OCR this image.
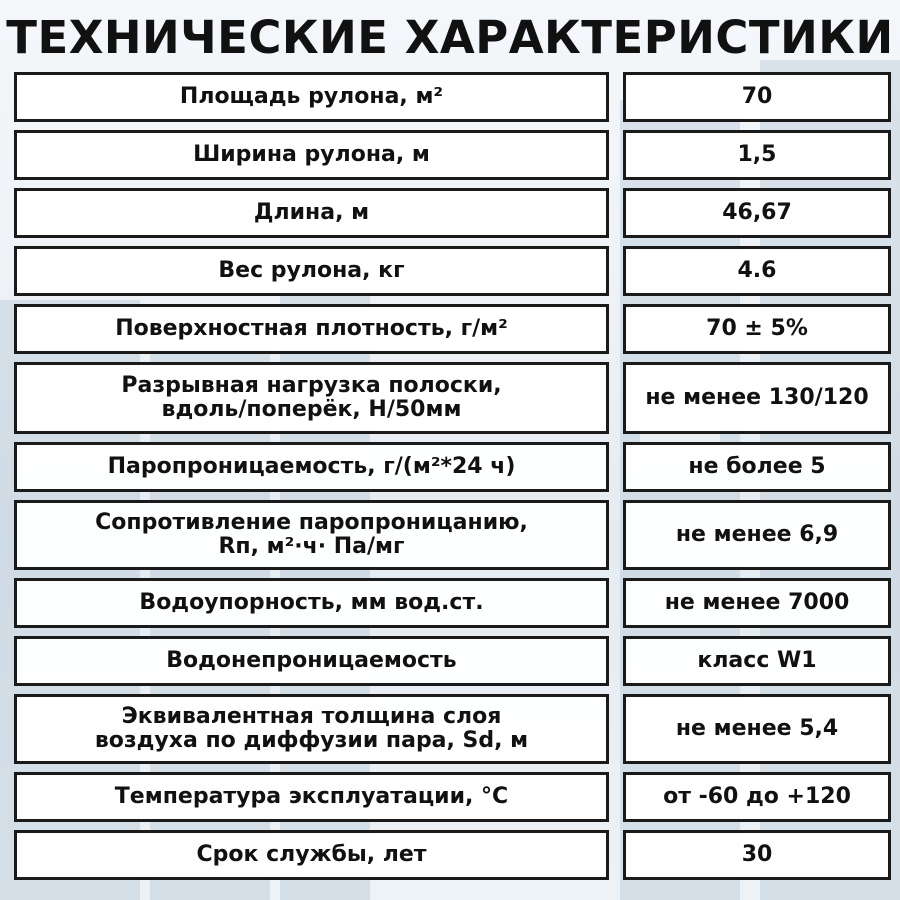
ТЕХНИЧЕСКИЕ ХАРАКТЕРИСТИКИ
Площадь рулона, м²	70
Ширина рулона, м	1,5
Длина, м	46,67
Вес рулона, кг	4.6
Поверхностная плотность, г/м²	70 ± 5%
Разрывная нагрузка полоски,
вдоль/поперёк, Н/50мм	не менее 130/120
Паропроницаемость, г/(м²*24 ч)	не более 5
Сопротивление паропроницанию,
Rп, м²·ч· Па/мг	не менее 6,9
Водоупорность, мм вод.ст.	не менее 7000
Водонепроницаемость	класс W1
Эквивалентная толщина слоя
воздуха по диффузии пара, Sd, м	не менее 5,4
Температура эксплуатации, °C	от -60 до +120
Срок службы, лет	30
